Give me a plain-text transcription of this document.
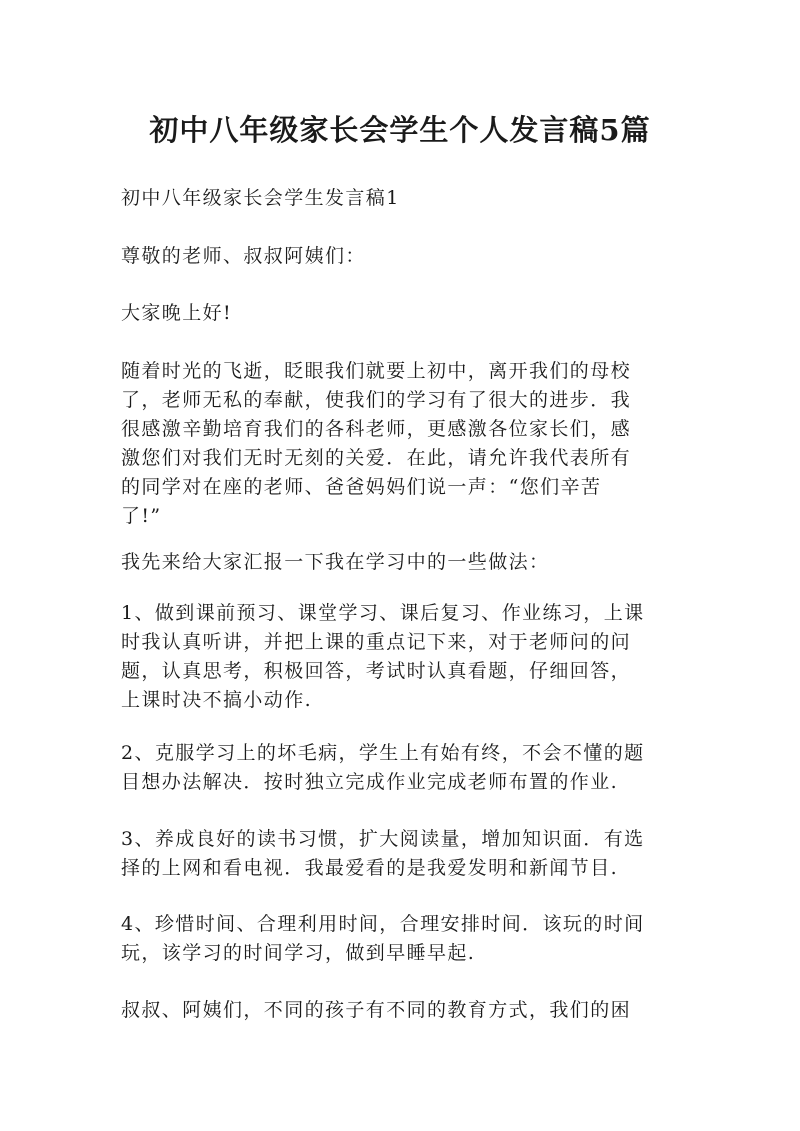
初中八年级家长会学生个人发言稿5篇
初中八年级家长会学生发言稿1
尊敬的老师、叔叔阿姨们：
大家晚上好!
随着时光的飞逝，眨眼我们就要上初中，离开我们的母校
了，老师无私的奉献，使我们的学习有了很大的进步．我
很感激辛勤培育我们的各科老师，更感激各位家长们，感
激您们对我们无时无刻的关爱．在此，请允许我代表所有
的同学对在座的老师、爸爸妈妈们说一声：“您们辛苦
了!”
我先来给大家汇报一下我在学习中的一些做法：
1、做到课前预习、课堂学习、课后复习、作业练习，上课
时我认真听讲，并把上课的重点记下来，对于老师问的问
题，认真思考，积极回答，考试时认真看题，仔细回答，
上课时决不搞小动作.
2、克服学习上的坏毛病，学生上有始有终，不会不懂的题
目想办法解决．按时独立完成作业完成老师布置的作业.
3、养成良好的读书习惯，扩大阅读量，增加知识面．有选
择的上网和看电视．我最爱看的是我爱发明和新闻节目.
4、珍惜时间、合理利用时间，合理安排时间．该玩的时间
玩，该学习的时间学习，做到早睡早起.
叔叔、阿姨们，不同的孩子有不同的教育方式，我们的困
